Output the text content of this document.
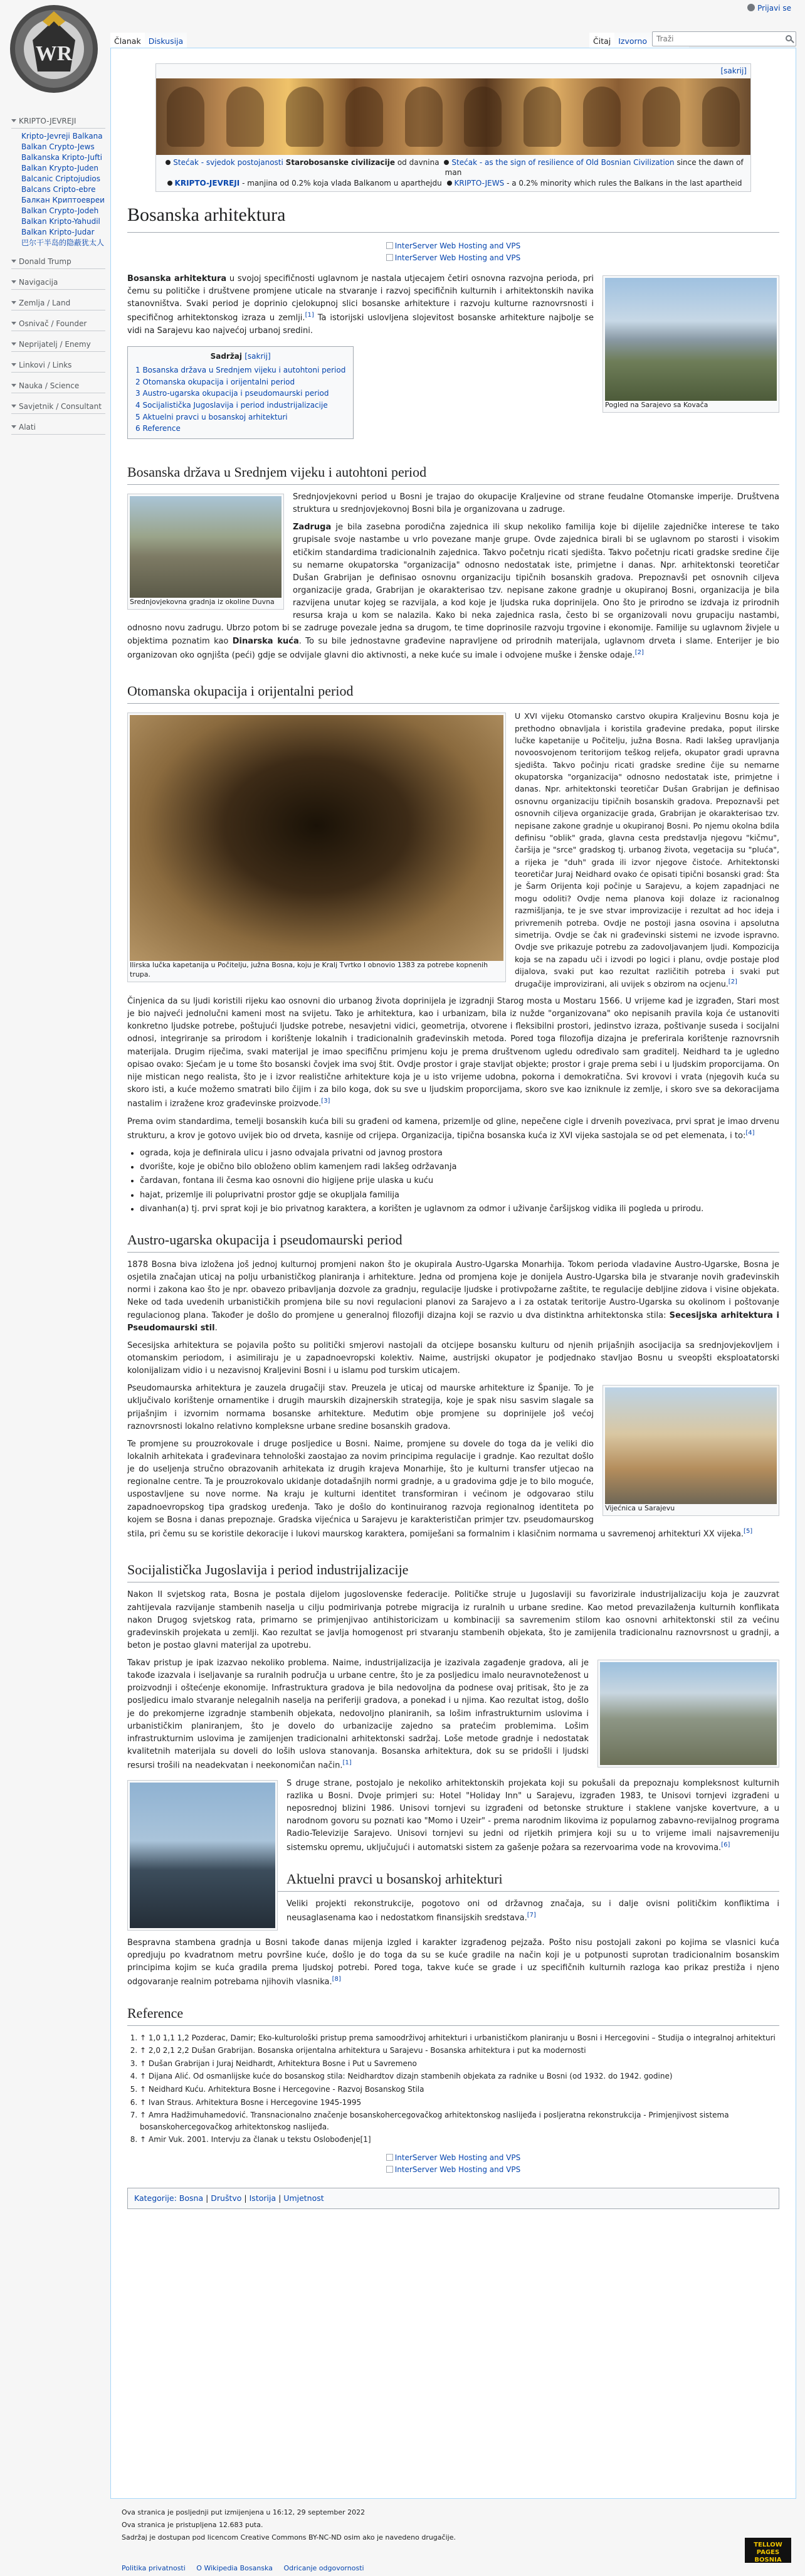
Prijavi se
WR
Članak Diskusija	Čitaj Izvorno
Traži
KRIPTO-JEVREJI
Kripto-Jevreji Balkana
Balkan Crypto-Jews
Balkanska Kripto-Jufti
Balkan Krypto-Juden
Balcanic Criptojudios
Balcans Cripto-ebre
Балкан Криптоевреи
Balkan Crypto-Jodeh
Balkan Kripto-Yahudil
Balkan Kripto-Judar
巴尔干半岛的隐蔽犹太人
Donald Trump
Navigacija
Zemlja / Land
Osnivač / Founder
Neprijatelj / Enemy
Linkovi / Links
Nauka / Science
Savjetnik / Consultant
Alati
[sakrij]
Stećak - svjedok postojanosti Starobosanske civilizacije od davnina Stećak - as the sign of resilience of Old Bosnian Civilization since the dawn of man
KRIPTO-JEVREJI - manjina od 0.2% koja vlada Balkanom u aparthejdu KRIPTO-JEWS - a 0.2% minority which rules the Balkans in the last apartheid
Bosanska arhitektura
InterServer Web Hosting and VPS
InterServer Web Hosting and VPS
Pogled na Sarajevo sa Kovača

Bosanska arhitektura u svojoj specifičnosti uglavnom je nastala utjecajem četiri osnovna razvojna perioda, pri čemu su političke i društvene promjene uticale na stvaranje i razvoj specifičnih kulturnih i arhitektonskih navika stanovništva. Svaki period je doprinio cjelokupnoj slici bosanske arhitekture i razvoju kulturne raznovrsnosti i specifičnog arhitektonskog izraza u zemlji.[1] Ta istorijski uslovljena slojevitost bosanske arhitekture najbolje se vidi na Sarajevu kao najvećoj urbanoj sredini.

Sadržaj [sakrij]
1 Bosanska država u Srednjem vijeku i autohtoni period
2 Otomanska okupacija i orijentalni period
3 Austro-ugarska okupacija i pseudomaurski period
4 Socijalistička Jugoslavija i period industrijalizacije
5 Aktuelni pravci u bosanskoj arhitekturi
6 Reference
Bosanska država u Srednjem vijeku i autohtoni period
Srednjovjekovna gradnja iz okoline Duvna

Srednjovjekovni period u Bosni je trajao do okupacije Kraljevine od strane feudalne Otomanske imperije. Društvena struktura u srednjovjekovnoj Bosni bila je organizovana u zadruge.

Zadruga je bila zasebna porodična zajednica ili skup nekoliko familija koje bi dijelile zajedničke interese te tako grupisale svoje nastambe u vrlo povezane manje grupe. Ovde zajednica birali bi se uglavnom po starosti i visokim etičkim standardima tradicionalnih zajednica. Takvo početnju ricati sjedišta. Takvo početnju ricati gradske sredine čije su nemarne okupatorska "organizacija" odnosno nedostatak iste, primjetne i danas. Npr. arhitektonski teoretičar Dušan Grabrijan je definisao osnovnu organizaciju tipičnih bosanskih gradova. Prepoznavši pet osnovnih ciljeva organizacije grada, Grabrijan je okarakterisao tzv. nepisane zakone gradnje u okupiranoj Bosni, organizacija je bila razvijena unutar kojeg se razvijala, a kod koje je ljudska ruka doprinijela. Ono što je prirodno se izdvaja iz prirodnih resursa kraja u kom se nalazila. Kako bi neka zajednica rasla, često bi se organizovali novu grupaciju nastambi, odnosno novu zadrugu. Ubrzo potom bi se zadruge povezale jedna sa drugom, te time doprinosile razvoju trgovine i ekonomije. Familije su uglavnom živjele u objektima poznatim kao Dinarska kuća. To su bile jednostavne građevine napravljene od prirodnih materijala, uglavnom drveta i slame. Enterijer je bio organizovan oko ognjišta (peći) gdje se odvijale glavni dio aktivnosti, a neke kuće su imale i odvojene muške i ženske odaje.[2]

Otomanska okupacija i orijentalni period
Ilirska lučka kapetanija u Počitelju, južna Bosna, koju je Kralj Tvrtko I obnovio 1383 za potrebe kopnenih trupa.

U XVI vijeku Otomansko carstvo okupira Kraljevinu Bosnu koja je prethodno obnavljala i koristila građevine predaka, poput ilirske lučke kapetanije u Počitelju, južna Bosna. Radi lakšeg upravljanja novoosvojenom teritorijom teškog reljefa, okupator gradi upravna sjedišta. Takvo počinju ricati gradske sredine čije su nemarne okupatorska "organizacija" odnosno nedostatak iste, primjetne i danas. Npr. arhitektonski teoretičar Dušan Grabrijan je definisao osnovnu organizaciju tipičnih bosanskih gradova. Prepoznavši pet osnovnih ciljeva organizacije grada, Grabrijan je okarakterisao tzv. nepisane zakone gradnje u okupiranoj Bosni. Po njemu okolna bdila definisu "oblik" grada, glavna cesta predstavlja njegovu "kičmu", čaršija je "srce" gradskog tj. urbanog života, vegetacija su "pluća", a rijeka je "duh" grada ili izvor njegove čistoće. Arhitektonski teoretičar Juraj Neidhard ovako će opisati tipični bosanski grad: Šta je Šarm Orijenta koji počinje u Sarajevu, a kojem zapadnjaci ne mogu odoliti? Ovdje nema planova koji dolaze iz racionalnog razmišljanja, te je sve stvar improvizacije i rezultat ad hoc ideja i privremenih potreba. Ovdje ne postoji jasna osovina i apsolutna simetrija. Ovdje se čak ni građevinski sistemi ne izvode ispravno. Ovdje sve prikazuje potrebu za zadovoljavanjem ljudi. Kompozicija koja se na zapadu uči i izvodi po logici i planu, ovdje postaje plod dijalova, svaki put kao rezultat različitih potreba i svaki put drugačije improvizirani, ali uvijek s obzirom na ocjenu.[2]

Činjenica da su ljudi koristili rijeku kao osnovni dio urbanog života doprinijela je izgradnji Starog mosta u Mostaru 1566. U vrijeme kad je izgrađen, Stari most je bio najveći jednolučni kameni most na svijetu. Tako je arhitektura, kao i urbanizam, bila iz nužde "organizovana" oko nepisanih pravila koja će ustanoviti konkretno ljudske potrebe, poštujući ljudske potrebe, nesavjetni vidici, geometrija, otvorene i fleksibilni prostori, jedinstvo izraza, poštivanje suseda i socijalni odnosi, integriranje sa prirodom i korištenje lokalnih i tradicionalnih građevinskih metoda. Pored toga filozofija dizajna je preferirala korištenje raznovrsnih materijala. Drugim riječima, svaki materijal je imao specifičnu primjenu koju je prema društvenom ugledu određivalo sam graditelj. Neidhard ta je ugledno opisao ovako: Sjećam je u tome što bosanski čovjek ima svoj štit. Ovdje prostor i graje stavljat objekte; prostor i graje prema sebi i u ljudskim proporcijama. On nije mistican nego realista, što je i izvor realistične arhitekture koja je u isto vrijeme udobna, pokorna i demokratična. Svi krovovi i vrata (njegovih kuća su skoro isti, a kuće možemo smatrati bilo čijim i za bilo koga, dok su sve u ljudskim proporcijama, skoro sve kao izniknule iz zemlje, i skoro sve sa dekoracijama nastalim i izražene kroz građevinske proizvode.[3]

Prema ovim standardima, temelji bosanskih kuća bili su građeni od kamena, prizemlje od gline, nepečene cigle i drvenih povezivaca, prvi sprat je imao drvenu strukturu, a krov je gotovo uvijek bio od drveta, kasnije od crijepa. Organizacija, tipična bosanska kuća iz XVI vijeka sastojala se od pet elemenata, i to:[4]

• ograda, koja je definirala ulicu i jasno odvajala privatni od javnog prostora
• dvorište, koje je obično bilo obloženo oblim kamenjem radi lakšeg održavanja
• čardavan, fontana ili česma kao osnovni dio higijene prije ulaska u kuću
• hajat, prizemlje ili poluprivatni prostor gdje se okupljala familija
• divanhan(a) tj. prvi sprat koji je bio privatnog karaktera, a korišten je uglavnom za odmor i uživanje čaršijskog vidika ili pogleda u prirodu.
Austro-ugarska okupacija i pseudomaurski period

1878 Bosna biva izložena još jednoj kulturnoj promjeni nakon što je okupirala Austro-Ugarska Monarhija. Tokom perioda vladavine Austro-Ugarske, Bosna je osjetila značajan uticaj na polju urbanističkog planiranja i arhitekture. Jedna od promjena koje je donijela Austro-Ugarska bila je stvaranje novih građevinskih normi i zakona kao što je npr. obavezo pribavljanja dozvole za gradnju, regulacije ljudske i protivpožarne zaštite, te regulacije debljine zidova i visine objekata. Neke od tada uvedenih urbanističkih promjena bile su novi regulacioni planovi za Sarajevo a i za ostatak teritorije Austro-Ugarska su okolinom i poštovanje regulacionog plana. Također je došlo do promjene u generalnoj filozofiji dizajna koji se razvio u dva distinktna arhitektonska stila: Secesijska arhitektura i Pseudomaurski stil.

Secesijska arhitektura se pojavila pošto su politički smjerovi nastojali da otcijepe bosansku kulturu od njenih prijašnjih asocijacija sa srednjovjekovljem i otomanskim periodom, i asimiliraju je u zapadnoevropski kolektiv. Naime, austrijski okupator je podjednako stavljao Bosnu u sveopšti eksploatatorski kolonijalizam vidio i u nezavisnoj Kraljevini Bosni i u islamu pod turskim uticajem.

Vijećnica u Sarajevu

Pseudomaurska arhitektura je zauzela drugačiji stav. Preuzela je uticaj od maurske arhitekture iz Španije. To je uključivalo korištenje ornamentike i drugih maurskih dizajnerskih strategija, koje je spak nisu sasvim slagale sa prijašnjim i izvornim normama bosanske arhitekture. Međutim obje promjene su doprinijele još većoj raznovrsnosti lokalno relativno kompleksne urbane sredine bosanskih gradova.

Te promjene su prouzrokovale i druge posljedice u Bosni. Naime, promjene su dovele do toga da je veliki dio lokalnih arhitekata i građevinara tehnološki zaostajao za novim principima regulacije i gradnje. Kao rezultat došlo je do useljenja stručno obrazovanih arhitekata iz drugih krajeva Monarhije, što je kulturni transfer utjecao na regionalne centre. Ta je prouzrokovalo ukidanje dotadašnjih normi gradnje, a u gradovima gdje je to bilo moguće, uspostavljene su nove norme. Na kraju je kulturni identitet transformiran i većinom je odgovarao stilu zapadnoevropskog tipa gradskog uređenja. Tako je došlo do kontinuiranog razvoja regionalnog identiteta po kojem se Bosna i danas prepoznaje. Gradska vijećnica u Sarajevu je karakterističan primjer tzv. pseudomaurskog stila, pri čemu su se koristile dekoracije i lukovi maurskog karaktera, pomiješani sa formalnim i klasičnim normama u savremenoj arhitekturi XX vijeka.[5]

Socijalistička Jugoslavija i period industrijalizacije

Nakon II svjetskog rata, Bosna je postala dijelom jugoslovenske federacije. Političke struje u Jugoslaviji su favorizirale industrijalizaciju koja je zauzvrat zahtijevala razvijanje stambenih naselja u cilju podmirivanja potrebe migracija iz ruralnih u urbane sredine. Kao metod prevazilaženja kulturnih konflikata nakon Drugog svjetskog rata, primarno se primjenjivao antihistoricizam u kombinaciji sa savremenim stilom kao osnovni arhitektonski stil za većinu građevinskih projekata u zemlji. Kao rezultat se javlja homogenost pri stvaranju stambenih objekata, što je zamijenila tradicionalnu raznovrsnost u gradnji, a beton je postao glavni materijal za upotrebu.

Takav pristup je ipak izazvao nekoliko problema. Naime, industrijalizacija je izazivala zagađenje gradova, ali je takođe izazvala i iseljavanje sa ruralnih područja u urbane centre, što je za posljedicu imalo neuravnoteženost u proizvodnji i oštećenje ekonomije. Infrastruktura gradova je bila nedovoljna da podnese ovaj pritisak, što je za posljedicu imalo stvaranje nelegalnih naselja na periferiji gradova, a ponekad i u njima. Kao rezultat istog, došlo je do prekomjerne izgradnje stambenih objekata, nedovoljno planiranih, sa lošim infrastrukturnim uslovima i urbanističkim planiranjem, što je dovelo do urbanizacije zajedno sa pratećim problemima. Lošim infrastrukturnim uslovima je zamijenjen tradicionalni arhitektonski sadržaj. Loše metode gradnje i nedostatak kvalitetnih materijala su doveli do loših uslova stanovanja. Bosanska arhitektura, dok su se pridošli i ljudski resursi trošili na neadekvatan i neekonomičan način.[1]

S druge strane, postojalo je nekoliko arhitektonskih projekata koji su pokušali da prepoznaju kompleksnost kulturnih razlika u Bosni. Dvoje primjeri su: Hotel "Holiday Inn" u Sarajevu, izgrađen 1983, te Unisovi tornjevi izgrađeni u neposrednoj blizini 1986. Unisovi tornjevi su izgrađeni od betonske strukture i staklene vanjske kovertvure, a u narodnom govoru su poznati kao "Momo i Uzeir" - prema narodnim likovima iz popularnog zabavno-revijalnog programa Radio-Televizije Sarajevo. Unisovi tornjevi su jedni od rijetkih primjera koji su u to vrijeme imali najsavremeniju sistemsku opremu, uključujući i automatski sistem za gašenje požara sa rezervoarima vode na krovovima.[6]

Aktuelni pravci u bosanskoj arhitekturi

Veliki projekti rekonstrukcije, pogotovo oni od državnog značaja, su i dalje ovisni političkim konfliktima i neusaglasenama kao i nedostatkom finansijskih sredstava.[7]

Bespravna stambena gradnja u Bosni takođe danas mijenja izgled i karakter izgrađenog pejzaža. Pošto nisu postojali zakoni po kojima se vlasnici kuća opredjuju po kvadratnom metru površine kuće, došlo je do toga da su se kuće gradile na način koji je u potpunosti suprotan tradicionalnim bosanskim principima kojim se kuća gradila prema ljudskoj potrebi. Pored toga, takve kuće se grade i uz specifičnih kulturnih razloga kao prikaz prestiža i njeno odgovaranje realnim potrebama njihovih vlasnika.[8]

Reference
1. ↑ 1,0 1,1 1,2 Pozderac, Damir; Eko-kulturološki pristup prema samoodrživoj arhitekturi i urbanističkom planiranju u Bosni i Hercegovini – Studija o integralnoj arhitekturi
2. ↑ 2,0 2,1 2,2 Dušan Grabrijan. Bosanska orijentalna arhitektura u Sarajevu - Bosanska arhitektura i put ka modernosti
3. ↑ Dušan Grabrijan i Juraj Neidhardt, Arhitektura Bosne i Put u Savremeno
4. ↑ Dijana Alić. Od osmanlijske kuće do bosanskog stila: Neidhardtov dizajn stambenih objekata za radnike u Bosni (od 1932. do 1942. godine)
5. ↑ Neidhard Kuću. Arhitektura Bosne i Hercegovine - Razvoj Bosanskog Stila
6. ↑ Ivan Straus. Arhitektura Bosne i Hercegovine 1945-1995
7. ↑ Amra Hadžimuhamedović. Transnacionalno značenje bosanskohercegovačkog arhitektonskog naslijeđa i posljeratna rekonstrukcija - Primjenjivost sistema bosanskohercegovačkog arhitektonskog naslijeđa.
8. ↑ Amir Vuk. 2001. Intervju za članak u tekstu Oslobođenje[1]
InterServer Web Hosting and VPS
InterServer Web Hosting and VPS
Kategorije: Bosna | Društvo | Istorija | Umjetnost
Ova stranica je posljednji put izmijenjena u 16:12, 29 september 2022
Ova stranica je pristupljena 12.683 puta.
Sadržaj je dostupan pod licencom Creative Commons BY-NC-ND osim ako je navedeno drugačije.
Politika privatnosti O Wikipedia Bosanska Odricanje odgovornosti
TELLOW PAGES BOSNIA
